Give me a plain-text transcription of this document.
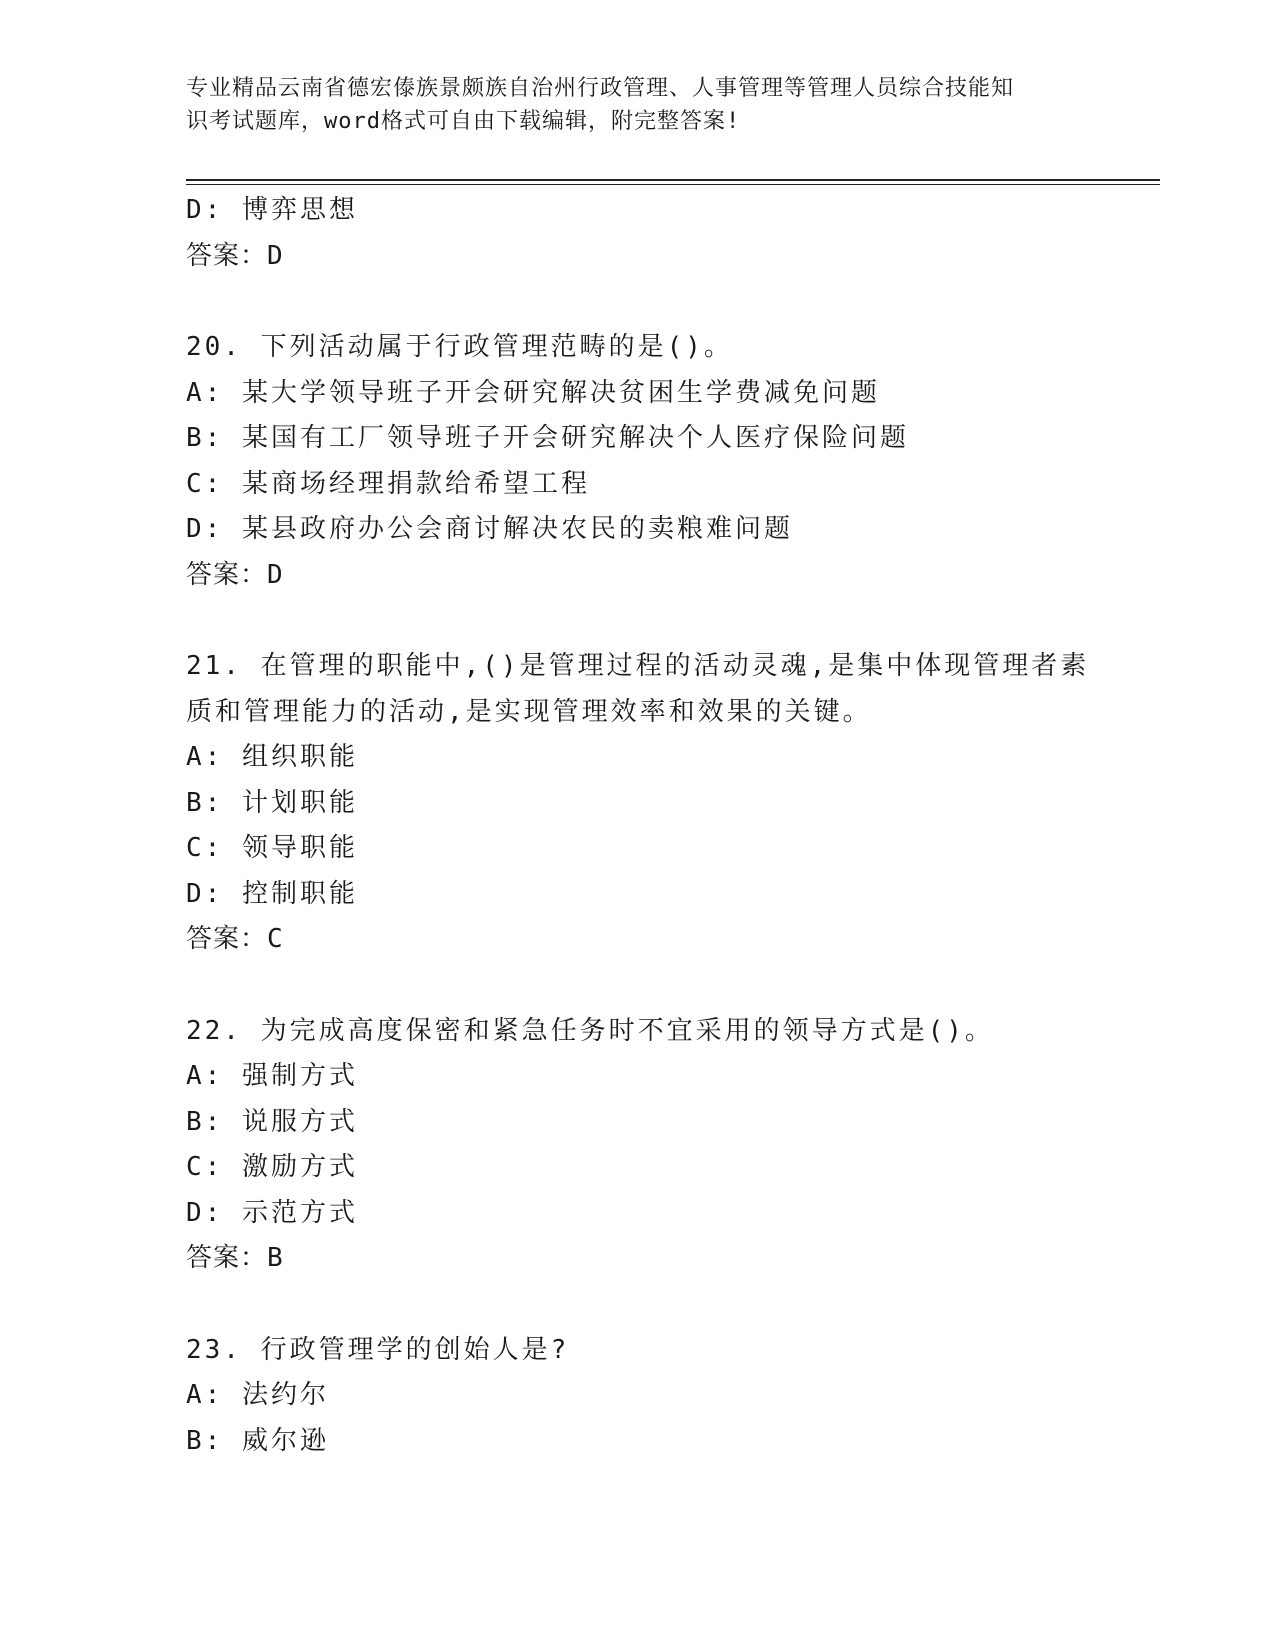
专业精品云南省德宏傣族景颇族自治州行政管理、人事管理等管理人员综合技能知
识考试题库，word格式可自由下载编辑，附完整答案!
D: 博弈思想
答案：D
20. 下列活动属于行政管理范畴的是()。
A: 某大学领导班子开会研究解决贫困生学费减免问题
B: 某国有工厂领导班子开会研究解决个人医疗保险问题
C: 某商场经理捐款给希望工程
D: 某县政府办公会商讨解决农民的卖粮难问题
答案：D
21. 在管理的职能中,()是管理过程的活动灵魂,是集中体现管理者素
质和管理能力的活动,是实现管理效率和效果的关键。
A: 组织职能
B: 计划职能
C: 领导职能
D: 控制职能
答案：C
22. 为完成高度保密和紧急任务时不宜采用的领导方式是()。
A: 强制方式
B: 说服方式
C: 激励方式
D: 示范方式
答案：B
23. 行政管理学的创始人是?
A: 法约尔
B: 威尔逊
